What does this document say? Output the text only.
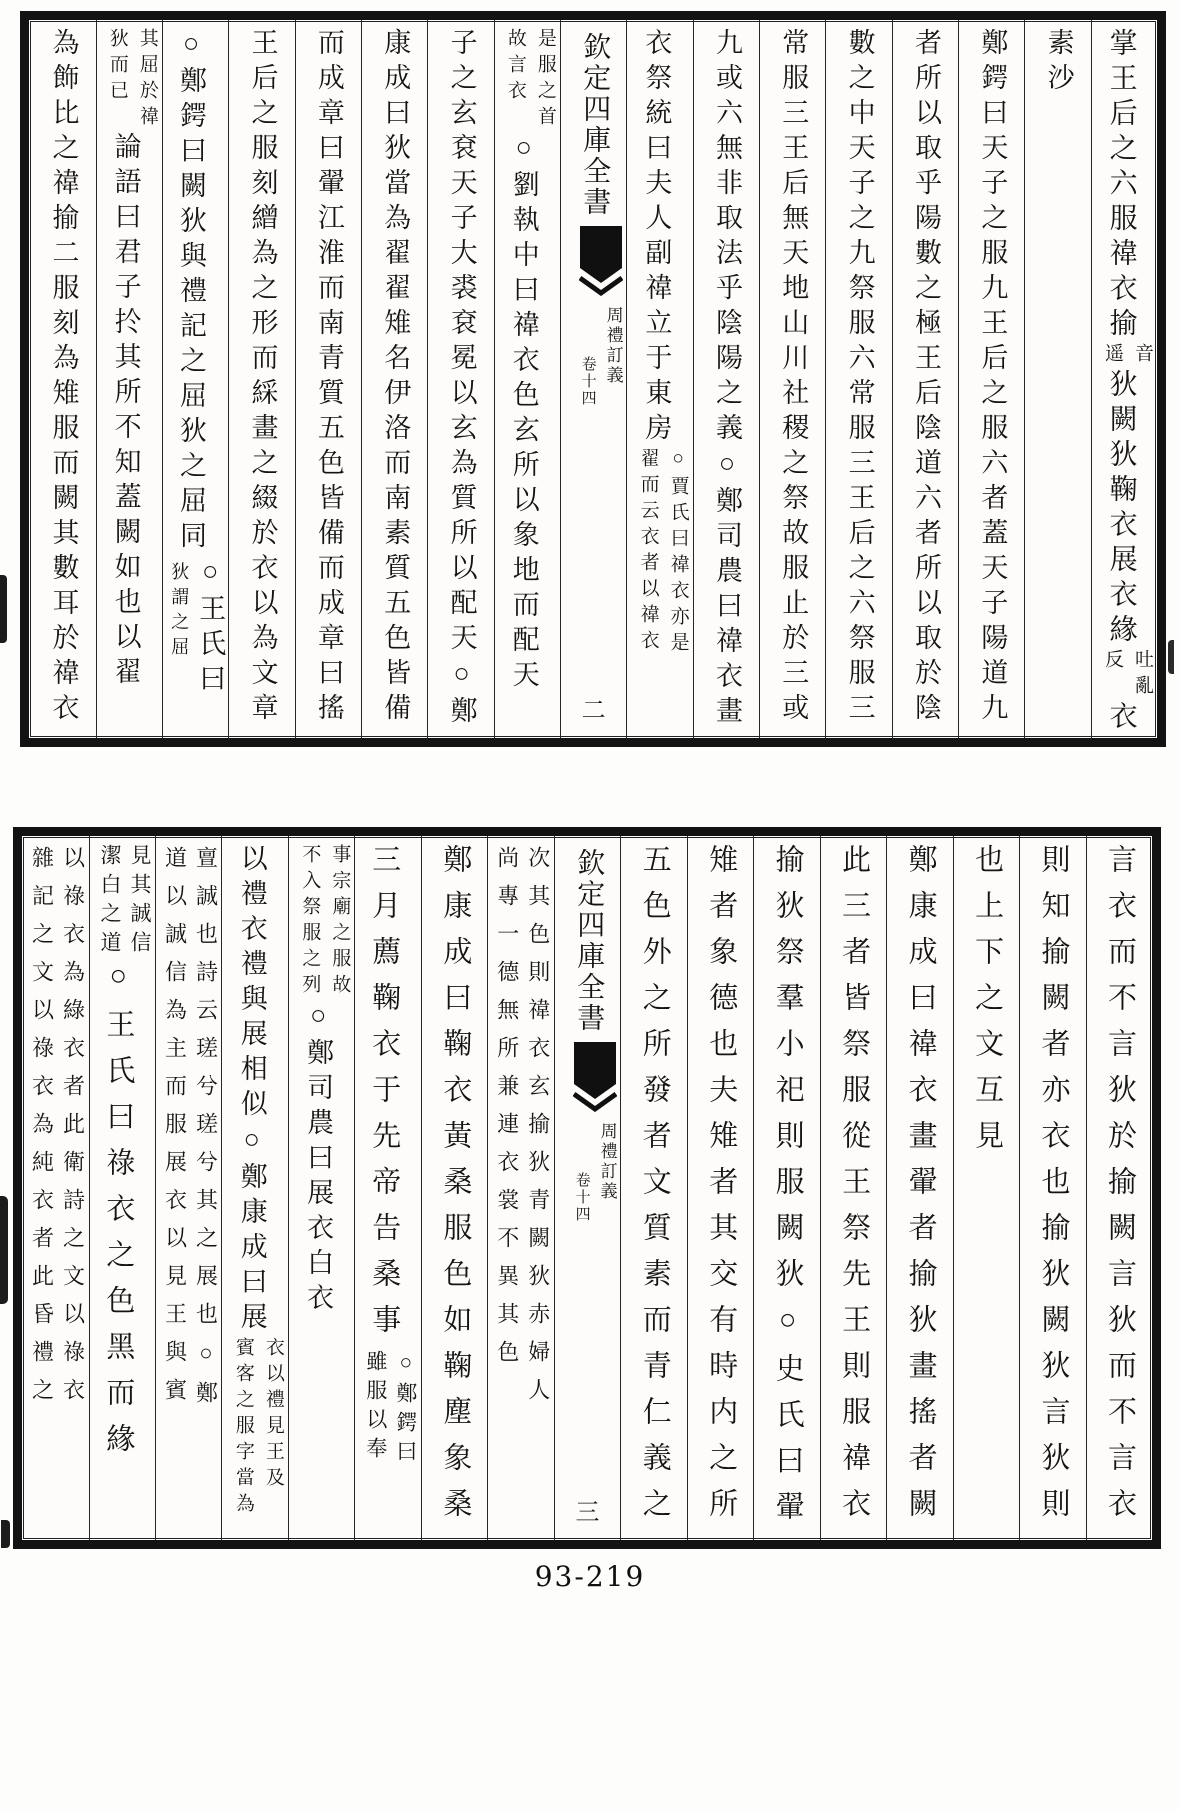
掌王后之六服禕衣揄
音
遥
狄闕狄鞠衣展衣緣
吐亂
反
衣
素沙
鄭鍔曰天子之服九王后之服六者蓋天子陽道九
者所以取乎陽數之極王后陰道六者所以取於陰
數之中天子之九祭服六常服三王后之六祭服三
常服三王后無天地山川社稷之祭故服止於三或
九或六無非取法乎陰陽之義○鄭司農曰禕衣畫
衣祭統曰夫人副禕立于東房
○賈氏曰禕衣亦是
翟而云衣者以禕衣
欽定四庫全書
周禮訂義
卷十四
二
是服之首
故言衣
○劉執中曰禕衣色玄所以象地而配天
子之玄袞天子大裘袞冕以玄為質所以配天○鄭
康成曰狄當為翟翟雉名伊洛而南素質五色皆備
而成章曰翬江淮而南青質五色皆備而成章曰搖
王后之服刻繒為之形而綵畫之綴於衣以為文章
○鄭鍔曰闕狄與禮記之屈狄之屈同
○王氏曰
狄謂之屈
其屈於禕
狄而已
論語曰君子扵其所不知蓋闕如也以翟
為飾比之禕揄二服刻為雉服而闕其數耳於禕衣
言衣而不言狄於揄闕言狄而不言衣
則知揄闕者亦衣也揄狄闕狄言狄則
也上下之文互見
鄭康成曰禕衣畫翬者揄狄畫搖者闕
此三者皆祭服從王祭先王則服禕衣
揄狄祭羣小祀則服闕狄○史氏曰翬
雉者象德也夫雉者其交有時内之所
五色外之所發者文質素而青仁義之
欽定四庫全書
周禮訂義
卷十四
三
次其色則禕衣玄揄狄青闕狄赤婦人
尚專一德無所兼連衣裳不異其色
鄭康成曰鞠衣黃桑服色如鞠塵象桑
三月薦鞠衣于先帝告桑事
○鄭鍔曰
雖服以奉
事宗廟之服故
不入祭服之列
○鄭司農曰展衣白衣
以禮衣禮與展相似○鄭康成曰展
衣以禮見王及
賓客之服字當為
亶誠也詩云瑳兮瑳兮其之展也○鄭
道以誠信為主而服展衣以見王與賓
見其誠信
潔白之道
○王氏曰祿衣之色黑而緣
以祿衣為綠衣者此衛詩之文以祿衣
雜記之文以祿衣為純衣者此昏禮之
93-219
